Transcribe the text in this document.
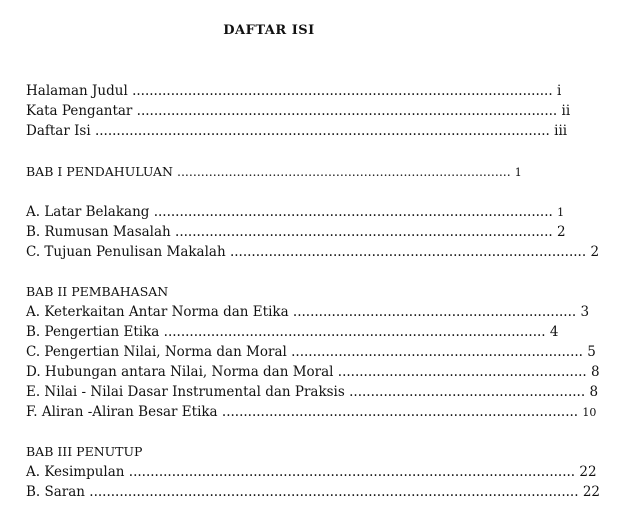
DAFTAR ISI
Halaman Judul .................................................................................................. i
Kata Pengantar .................................................................................................. ii
Daftar Isi .......................................................................................................... iii
BAB I PENDAHULUAN .................................................................................... 1
A. Latar Belakang ............................................................................................. 1
B. Rumusan Masalah ........................................................................................ 2
C. Tujuan Penulisan Makalah ................................................................................... 2
BAB II PEMBAHASAN
A. Keterkaitan Antar Norma dan Etika .................................................................. 3
B. Pengertian Etika ......................................................................................... 4
C. Pengertian Nilai, Norma dan Moral .................................................................... 5
D. Hubungan antara Nilai, Norma dan Moral .......................................................... 8
E. Nilai - Nilai Dasar Instrumental dan Praksis ....................................................... 8
F. Aliran -Aliran Besar Etika ................................................................................... 10
BAB III PENUTUP
A. Kesimpulan ........................................................................................................ 22
B. Saran .................................................................................................................. 22
